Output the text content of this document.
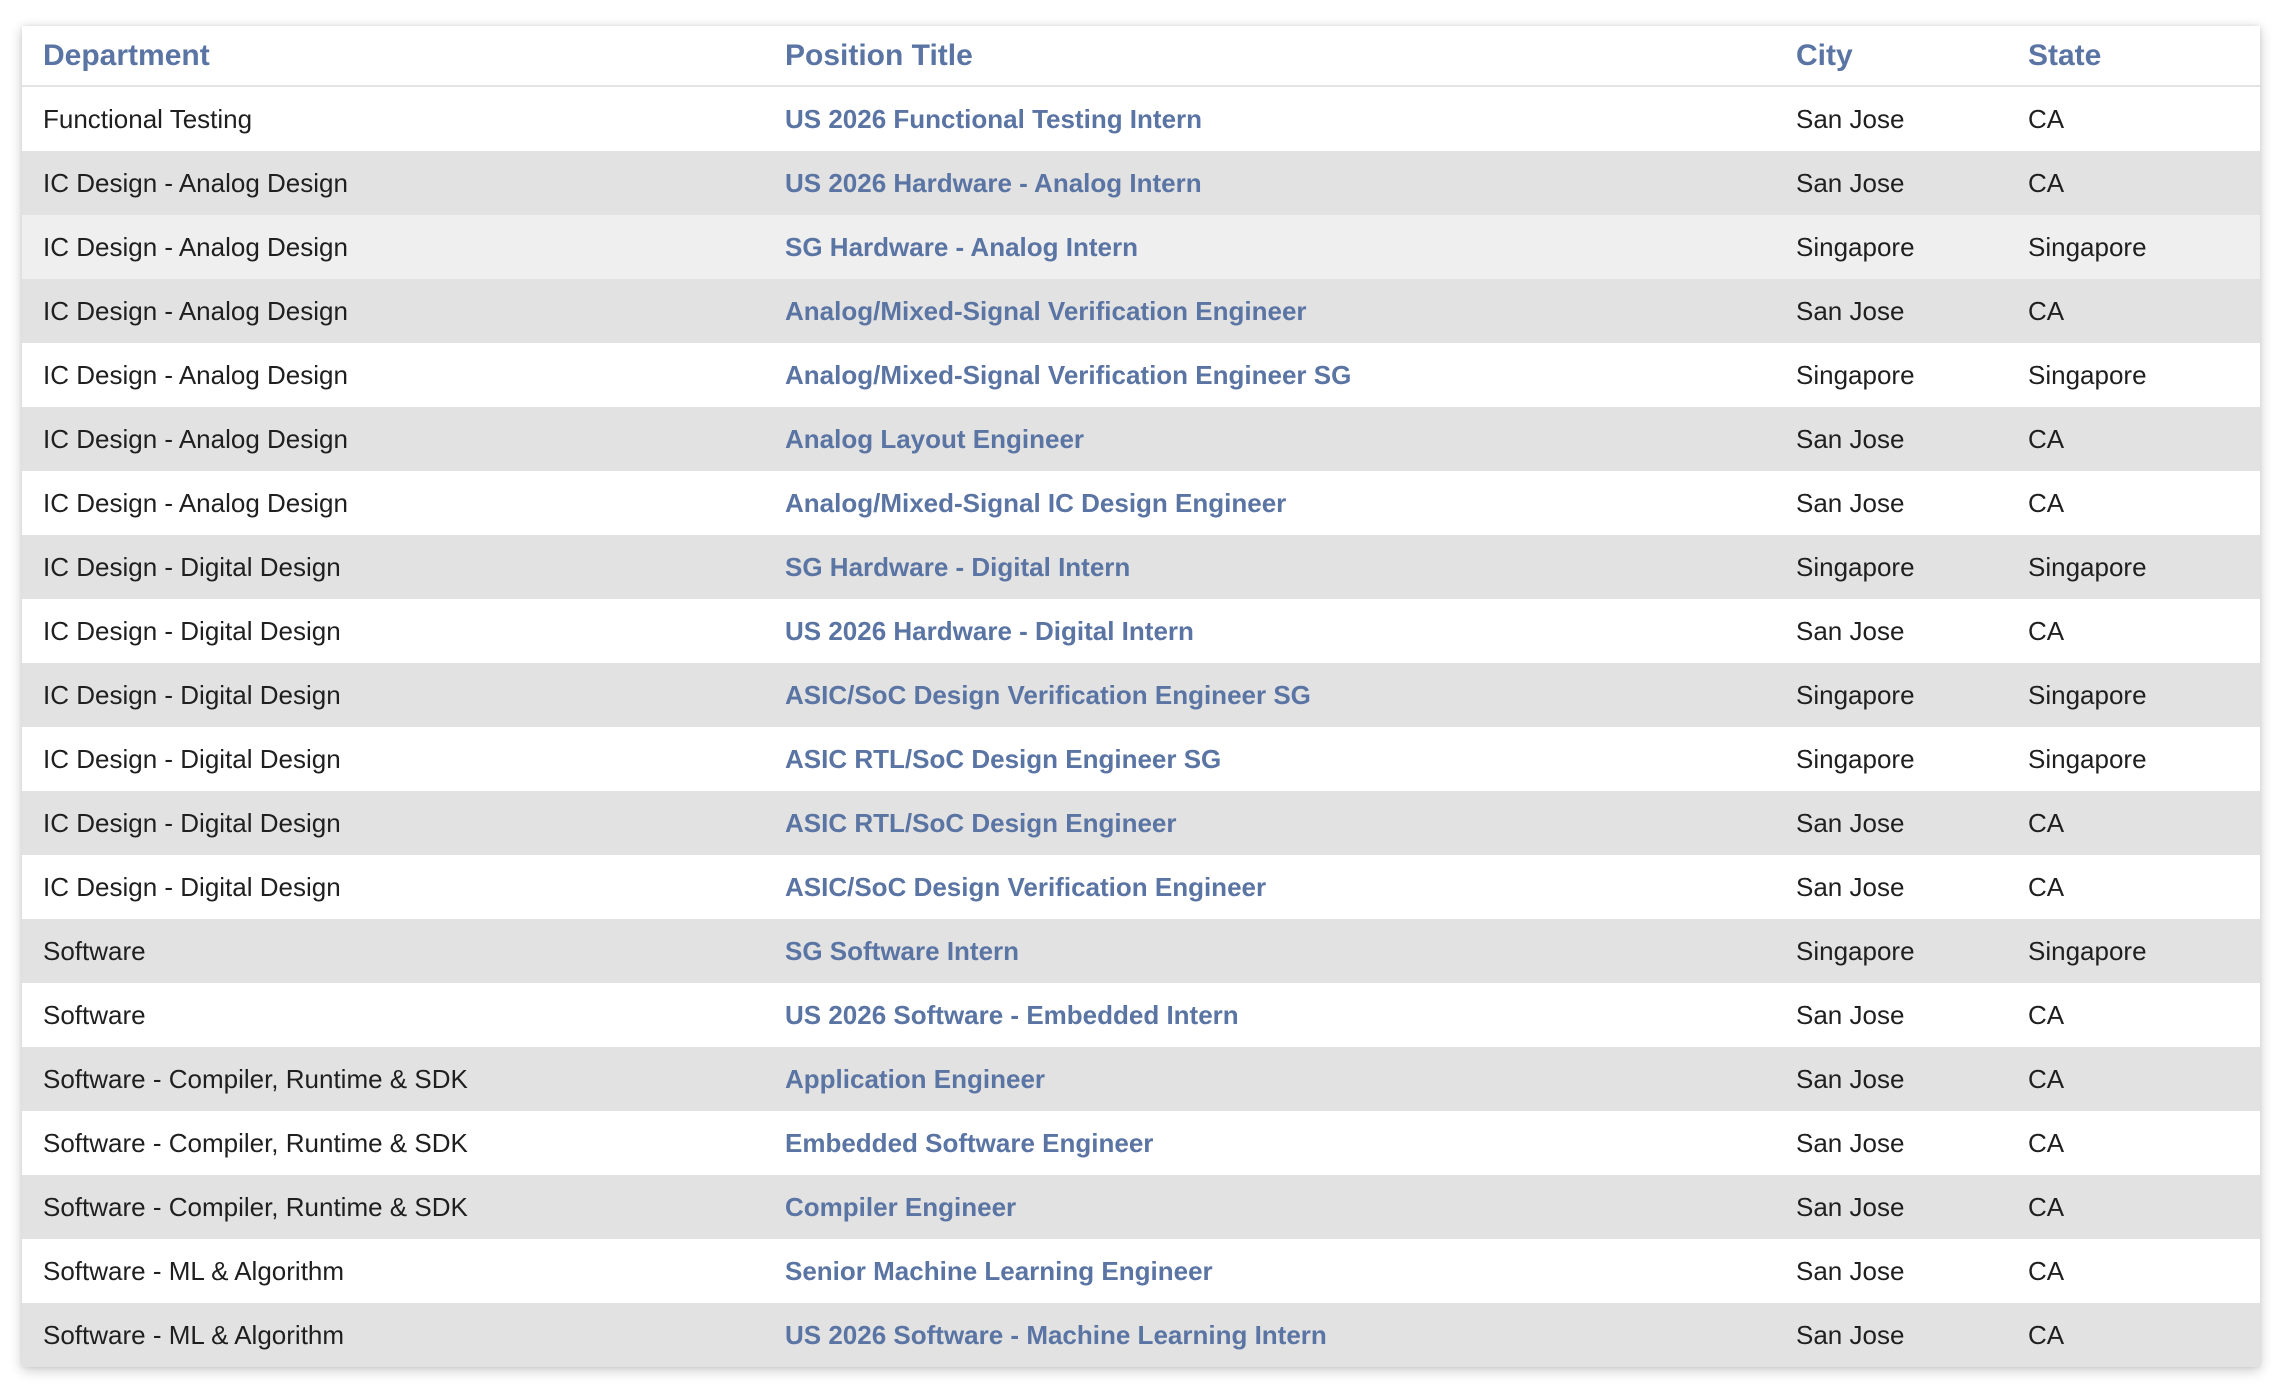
Department	Position Title	City	State
Functional Testing	US 2026 Functional Testing Intern	San Jose	CA
IC Design - Analog Design	US 2026 Hardware - Analog Intern	San Jose	CA
IC Design - Analog Design	SG Hardware - Analog Intern	Singapore	Singapore
IC Design - Analog Design	Analog/Mixed-Signal Verification Engineer	San Jose	CA
IC Design - Analog Design	Analog/Mixed-Signal Verification Engineer SG	Singapore	Singapore
IC Design - Analog Design	Analog Layout Engineer	San Jose	CA
IC Design - Analog Design	Analog/Mixed-Signal IC Design Engineer	San Jose	CA
IC Design - Digital Design	SG Hardware - Digital Intern	Singapore	Singapore
IC Design - Digital Design	US 2026 Hardware - Digital Intern	San Jose	CA
IC Design - Digital Design	ASIC/SoC Design Verification Engineer SG	Singapore	Singapore
IC Design - Digital Design	ASIC RTL/SoC Design Engineer SG	Singapore	Singapore
IC Design - Digital Design	ASIC RTL/SoC Design Engineer	San Jose	CA
IC Design - Digital Design	ASIC/SoC Design Verification Engineer	San Jose	CA
Software	SG Software Intern	Singapore	Singapore
Software	US 2026 Software - Embedded Intern	San Jose	CA
Software - Compiler, Runtime & SDK	Application Engineer	San Jose	CA
Software - Compiler, Runtime & SDK	Embedded Software Engineer	San Jose	CA
Software - Compiler, Runtime & SDK	Compiler Engineer	San Jose	CA
Software - ML & Algorithm	Senior Machine Learning Engineer	San Jose	CA
Software - ML & Algorithm	US 2026 Software - Machine Learning Intern	San Jose	CA
